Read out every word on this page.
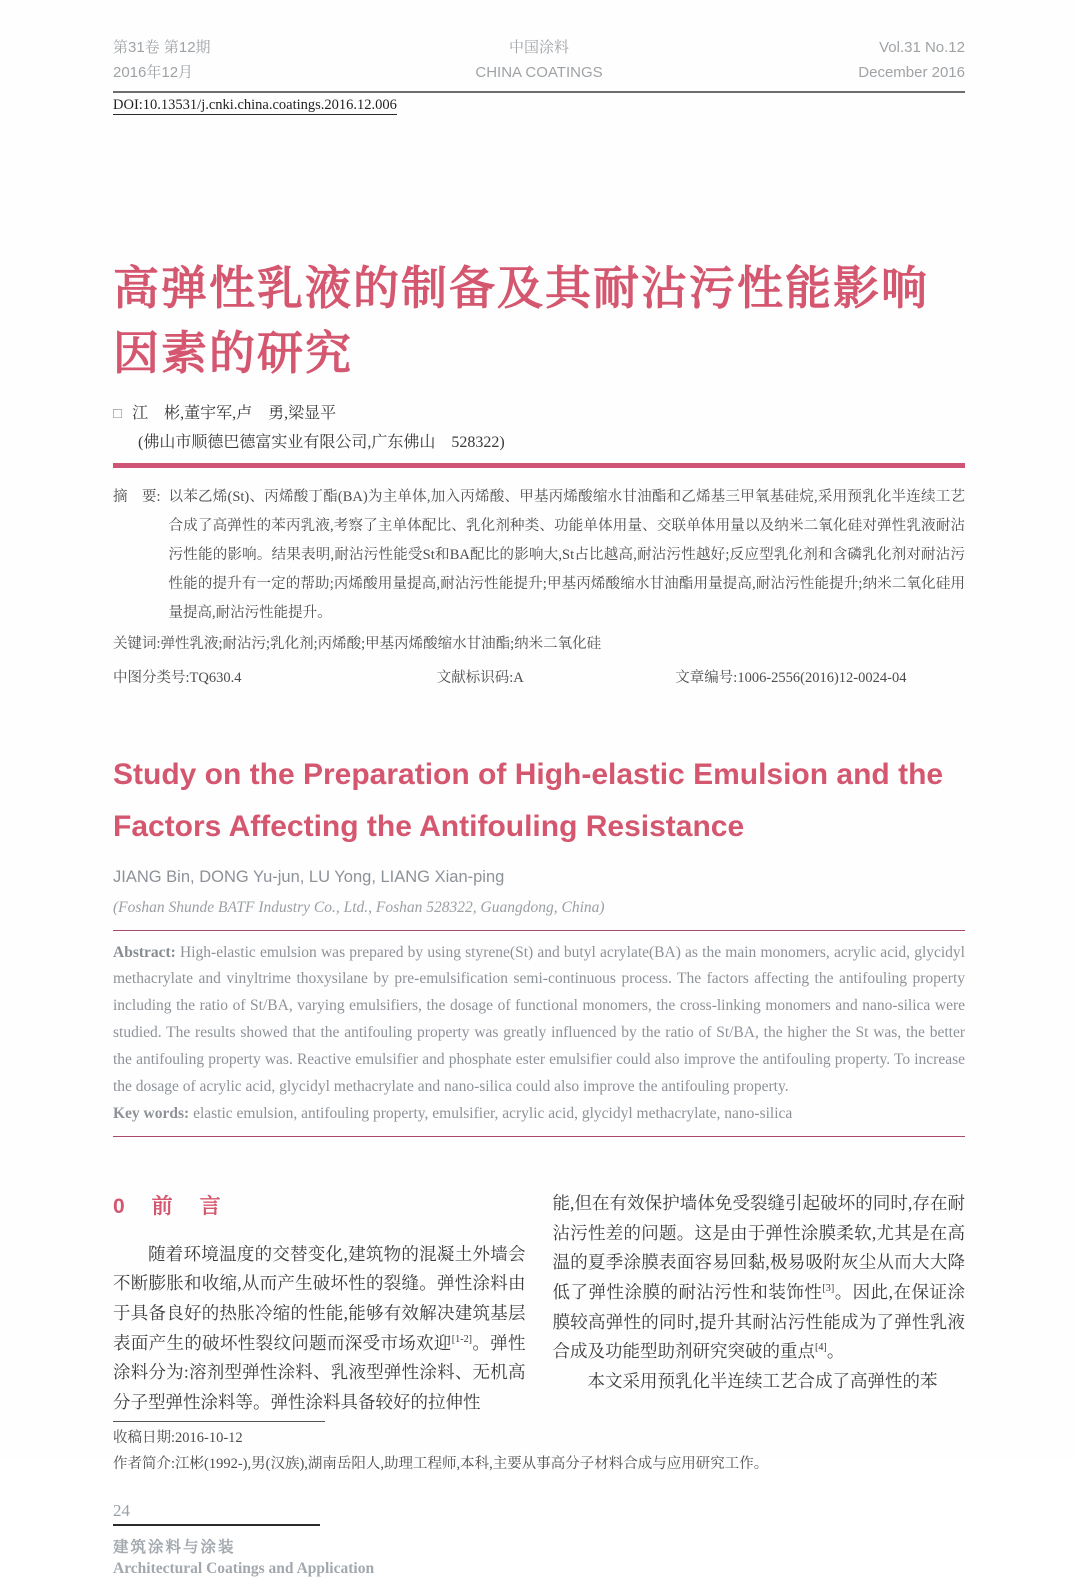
第31卷 第12期
2016年12月
中国涂料
CHINA COATINGS
Vol.31 No.12
December 2016
DOI:10.13531/j.cnki.china.coatings.2016.12.006
高弹性乳液的制备及其耐沾污性能影响
因素的研究
□ 江　彬,董宇军,卢　勇,梁显平
(佛山市顺德巴德富实业有限公司,广东佛山　528322)
摘　要: 以苯乙烯(St)、丙烯酸丁酯(BA)为主单体,加入丙烯酸、甲基丙烯酸缩水甘油酯和乙烯基三甲氧基硅烷,采用预乳化半连续工艺合成了高弹性的苯丙乳液,考察了主单体配比、乳化剂种类、功能单体用量、交联单体用量以及纳米二氧化硅对弹性乳液耐沾污性能的影响。结果表明,耐沾污性能受St和BA配比的影响大,St占比越高,耐沾污性越好;反应型乳化剂和含磷乳化剂对耐沾污性能的提升有一定的帮助;丙烯酸用量提高,耐沾污性能提升;甲基丙烯酸缩水甘油酯用量提高,耐沾污性能提升;纳米二氧化硅用量提高,耐沾污性能提升。
关键词:弹性乳液;耐沾污;乳化剂;丙烯酸;甲基丙烯酸缩水甘油酯;纳米二氧化硅
中图分类号:TQ630.4	文献标识码:A	文章编号:1006-2556(2016)12-0024-04
Study on the Preparation of High-elastic Emulsion and the
Factors Affecting the Antifouling Resistance
JIANG Bin, DONG Yu-jun, LU Yong, LIANG Xian-ping
(Foshan Shunde BATF Industry Co., Ltd., Foshan 528322, Guangdong, China)
Abstract: High-elastic emulsion was prepared by using styrene(St) and butyl acrylate(BA) as the main monomers, acrylic acid, glycidyl methacrylate and vinyltrime thoxysilane by pre-emulsification semi-continuous process. The factors affecting the antifouling property including the ratio of St/BA, varying emulsifiers, the dosage of functional monomers, the cross-linking monomers and nano-silica were studied. The results showed that the antifouling property was greatly influenced by the ratio of St/BA, the higher the St was, the better the antifouling property was. Reactive emulsifier and phosphate ester emulsifier could also improve the antifouling property. To increase the dosage of acrylic acid, glycidyl methacrylate and nano-silica could also improve the antifouling property.
Key words: elastic emulsion, antifouling property, emulsifier, acrylic acid, glycidyl methacrylate, nano-silica
0　前　言

随着环境温度的交替变化,建筑物的混凝土外墙会不断膨胀和收缩,从而产生破坏性的裂缝。弹性涂料由于具备良好的热胀冷缩的性能,能够有效解决建筑基层表面产生的破坏性裂纹问题而深受市场欢迎[1-2]。弹性涂料分为:溶剂型弹性涂料、乳液型弹性涂料、无机高分子型弹性涂料等。弹性涂料具备较好的拉伸性

能,但在有效保护墙体免受裂缝引起破坏的同时,存在耐沾污性差的问题。这是由于弹性涂膜柔软,尤其是在高温的夏季涂膜表面容易回黏,极易吸附灰尘从而大大降低了弹性涂膜的耐沾污性和装饰性[3]。因此,在保证涂膜较高弹性的同时,提升其耐沾污性能成为了弹性乳液合成及功能型助剂研究突破的重点[4]。

本文采用预乳化半连续工艺合成了高弹性的苯

收稿日期:2016-10-12
作者简介:江彬(1992-),男(汉族),湖南岳阳人,助理工程师,本科,主要从事高分子材料合成与应用研究工作。
24
建筑涂料与涂装
Architectural Coatings and Application
